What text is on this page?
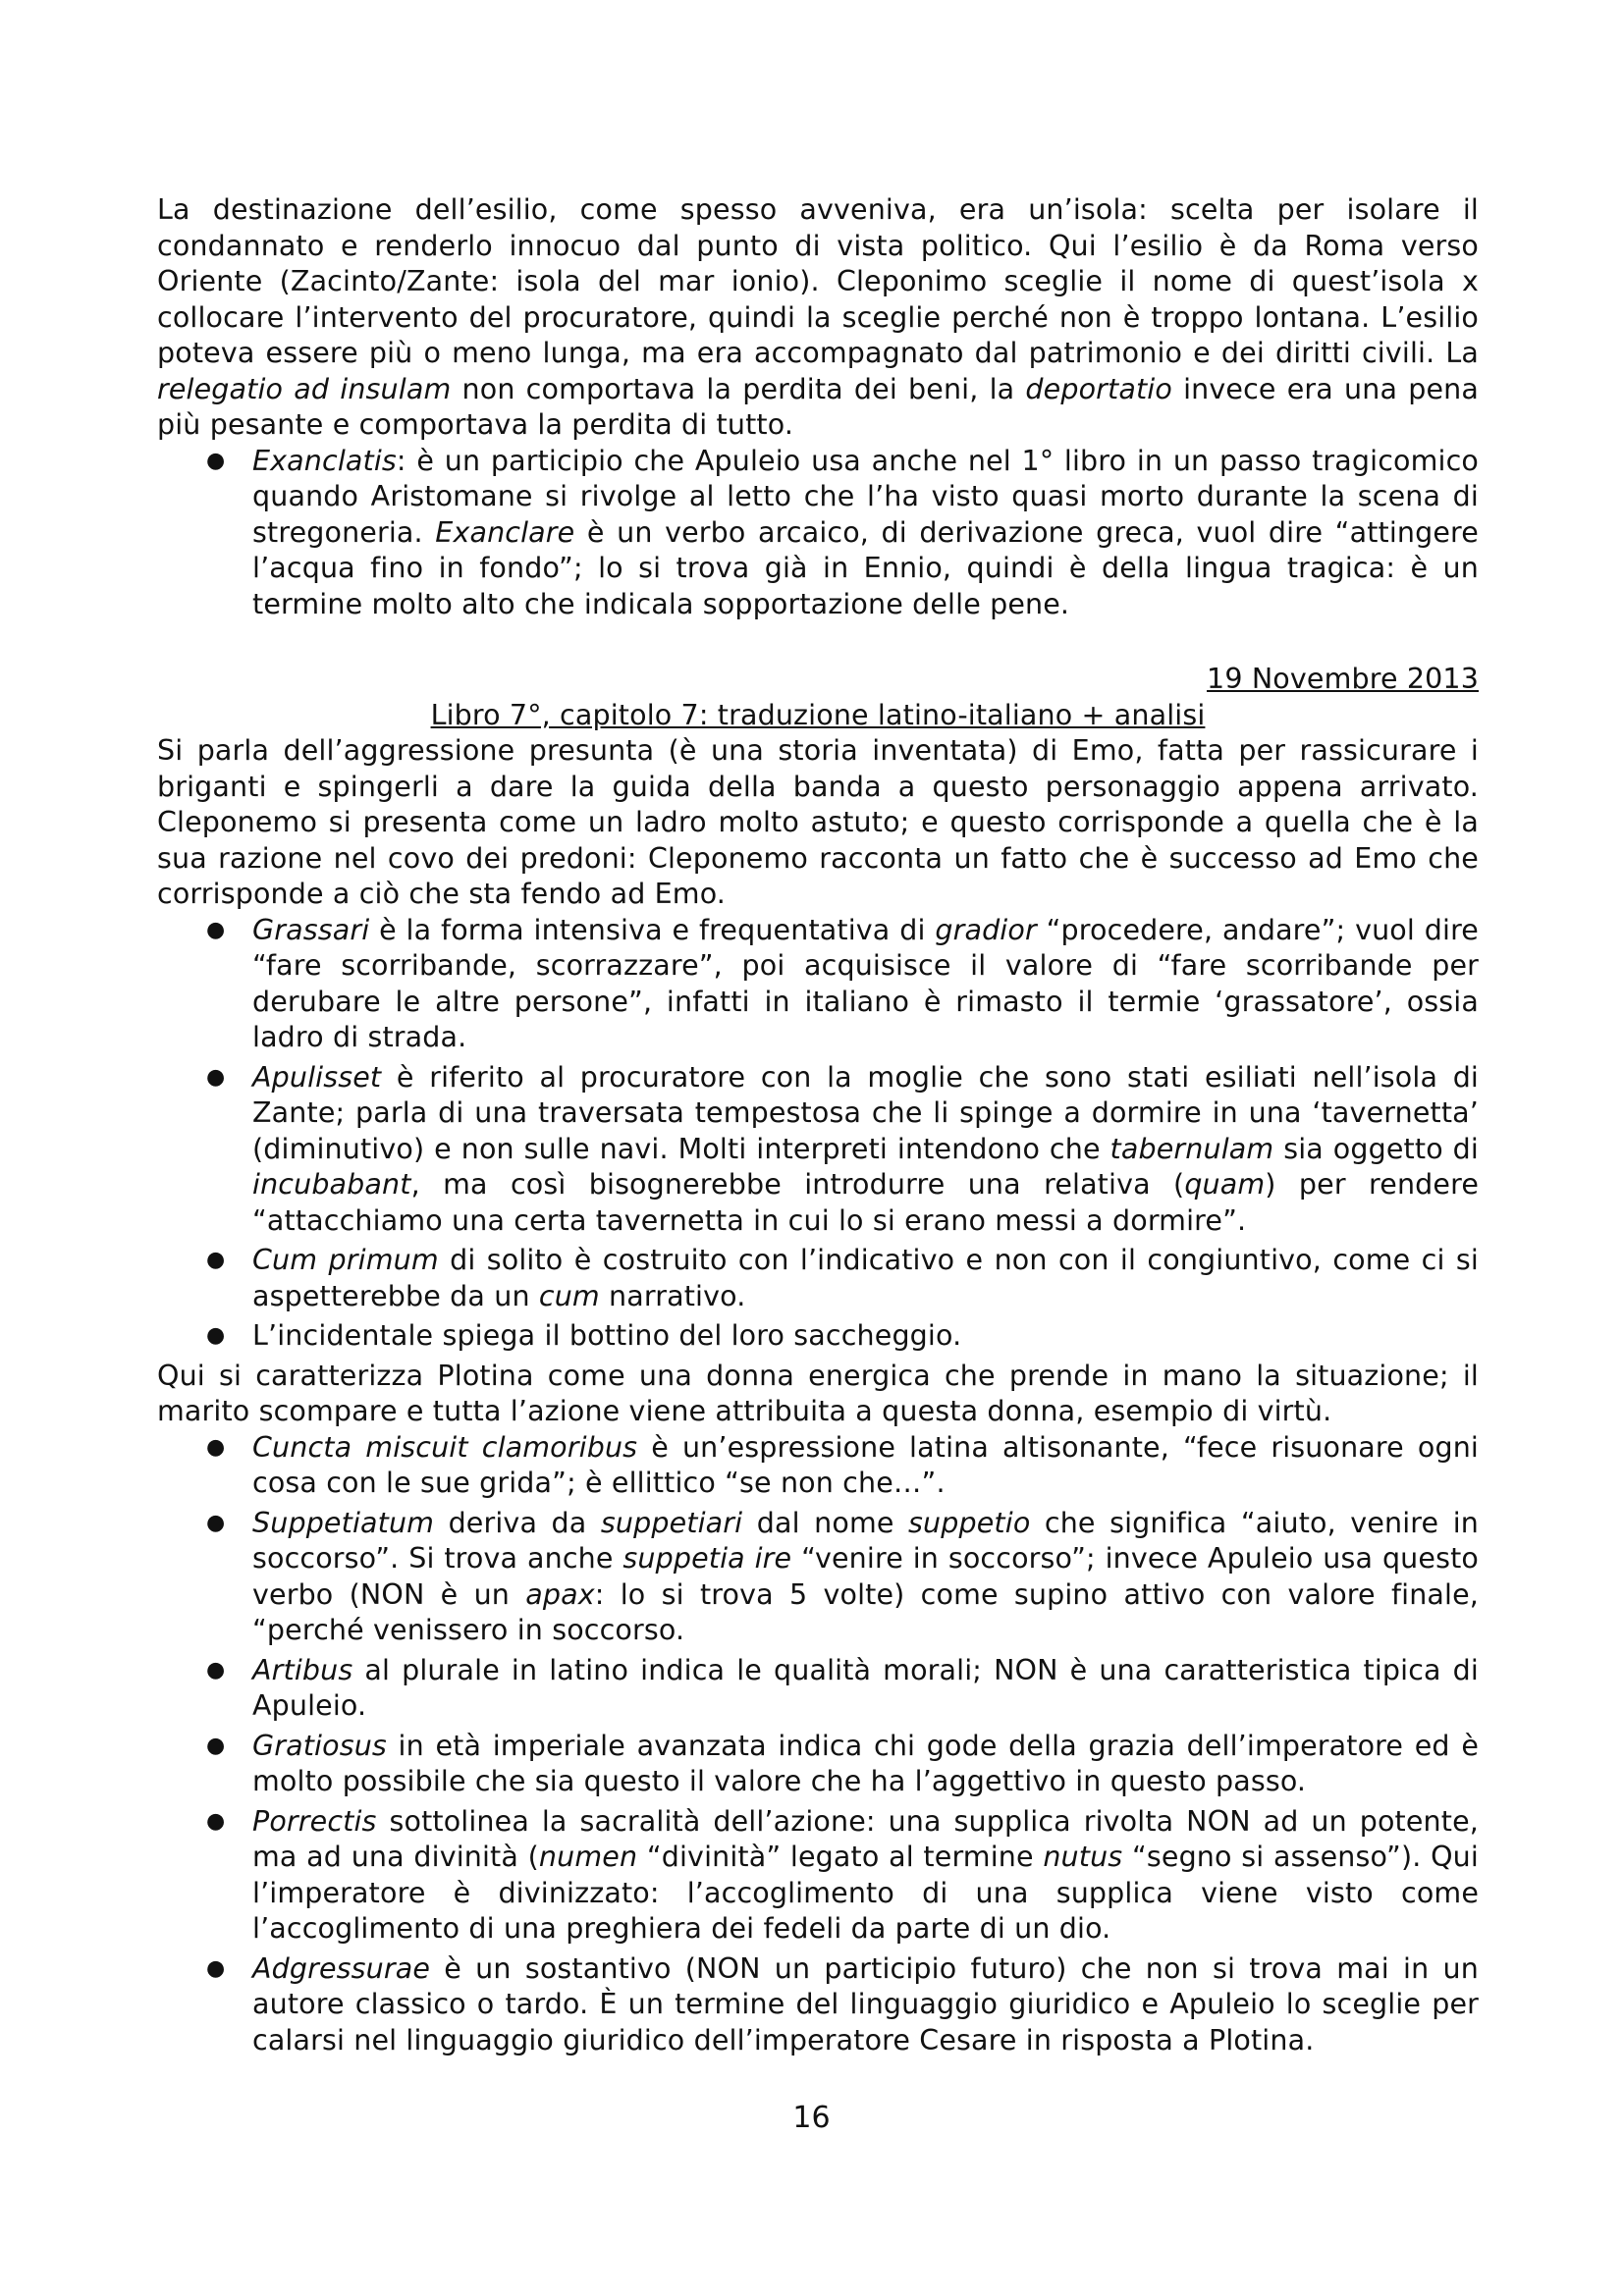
La destinazione dell’esilio, come spesso avveniva, era un’isola: scelta per isolare il condannato e renderlo innocuo dal punto di vista politico. Qui l’esilio è da Roma verso Oriente (Zacinto/Zante: isola del mar ionio). Cleponimo sceglie il nome di quest’isola x collocare l’intervento del procuratore, quindi la sceglie perché non è troppo lontana. L’esilio poteva essere più o meno lunga, ma era accompagnato dal patrimonio e dei diritti civili. La relegatio ad insulam non comportava la perdita dei beni, la deportatio invece era una pena più pesante e comportava la perdita di tutto.

● Exanclatis: è un participio che Apuleio usa anche nel 1° libro in un passo tragicomico quando Aristomane si rivolge al letto che l’ha visto quasi morto durante la scena di stregoneria. Exanclare è un verbo arcaico, di derivazione greca, vuol dire “attingere l’acqua fino in fondo”; lo si trova già in Ennio, quindi è della lingua tragica: è un termine molto alto che indicala sopportazione delle pene.

19 Novembre 2013

Libro 7°, capitolo 7: traduzione latino-italiano + analisi

Si parla dell’aggressione presunta (è una storia inventata) di Emo, fatta per rassicurare i briganti e spingerli a dare la guida della banda a questo personaggio appena arrivato. Cleponemo si presenta come un ladro molto astuto; e questo corrisponde a quella che è la sua razione nel covo dei predoni: Cleponemo racconta un fatto che è successo ad Emo che corrisponde a ciò che sta fendo ad Emo.

● Grassari è la forma intensiva e frequentativa di gradior “procedere, andare”; vuol dire “fare scorribande, scorrazzare”, poi acquisisce il valore di “fare scorribande per derubare le altre persone”, infatti in italiano è rimasto il termie ‘grassatore’, ossia ladro di strada.
● Apulisset è riferito al procuratore con la moglie che sono stati esiliati nell’isola di Zante; parla di una traversata tempestosa che li spinge a dormire in una ‘tavernetta’ (diminutivo) e non sulle navi. Molti interpreti intendono che tabernulam sia oggetto di incubabant, ma così bisognerebbe introdurre una relativa (quam) per rendere “attacchiamo una certa tavernetta in cui lo si erano messi a dormire”.
● Cum primum di solito è costruito con l’indicativo e non con il congiuntivo, come ci si aspetterebbe da un cum narrativo.
● L’incidentale spiega il bottino del loro saccheggio.

Qui si caratterizza Plotina come una donna energica che prende in mano la situazione; il marito scompare e tutta l’azione viene attribuita a questa donna, esempio di virtù.

● Cuncta miscuit clamoribus è un’espressione latina altisonante, “fece risuonare ogni cosa con le sue grida”; è ellittico “se non che…”.
● Suppetiatum deriva da suppetiari dal nome suppetio che significa “aiuto, venire in soccorso”. Si trova anche suppetia ire “venire in soccorso”; invece Apuleio usa questo verbo (NON è un apax: lo si trova 5 volte) come supino attivo con valore finale, “perché venissero in soccorso.
● Artibus al plurale in latino indica le qualità morali; NON è una caratteristica tipica di Apuleio.
● Gratiosus in età imperiale avanzata indica chi gode della grazia dell’imperatore ed è molto possibile che sia questo il valore che ha l’aggettivo in questo passo.
● Porrectis sottolinea la sacralità dell’azione: una supplica rivolta NON ad un potente, ma ad una divinità (numen “divinità” legato al termine nutus “segno si assenso”). Qui l’imperatore è divinizzato: l’accoglimento di una supplica viene visto come l’accoglimento di una preghiera dei fedeli da parte di un dio.
● Adgressurae è un sostantivo (NON un participio futuro) che non si trova mai in un autore classico o tardo. È un termine del linguaggio giuridico e Apuleio lo sceglie per calarsi nel linguaggio giuridico dell’imperatore Cesare in risposta a Plotina.
16
